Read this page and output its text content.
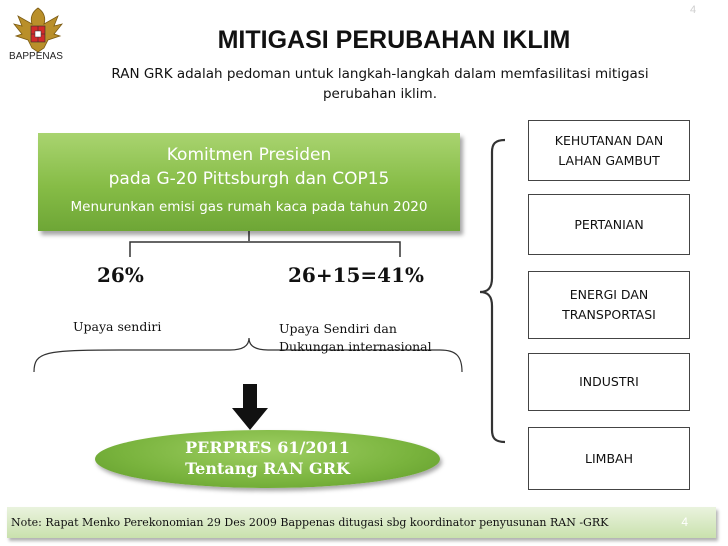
BAPPENAS
4
MITIGASI PERUBAHAN IKLIM
RAN GRK adalah pedoman untuk langkah-langkah dalam memfasilitasi mitigasi perubahan iklim.
Komitmen Presiden
pada G-20 Pittsburgh dan COP15
Menurunkan emisi gas rumah kaca pada tahun 2020
26%	26+15=41%
Upaya sendiri	Upaya Sendiri dan
Dukungan internasional
PERPRES 61/2011
Tentang RAN GRK
KEHUTANAN DAN
LAHAN GAMBUT
PERTANIAN
ENERGI DAN
TRANSPORTASI
INDUSTRI
LIMBAH
Note: Rapat Menko Perekonomian 29 Des 2009 Bappenas ditugasi sbg koordinator penyusunan RAN -GRK	4
